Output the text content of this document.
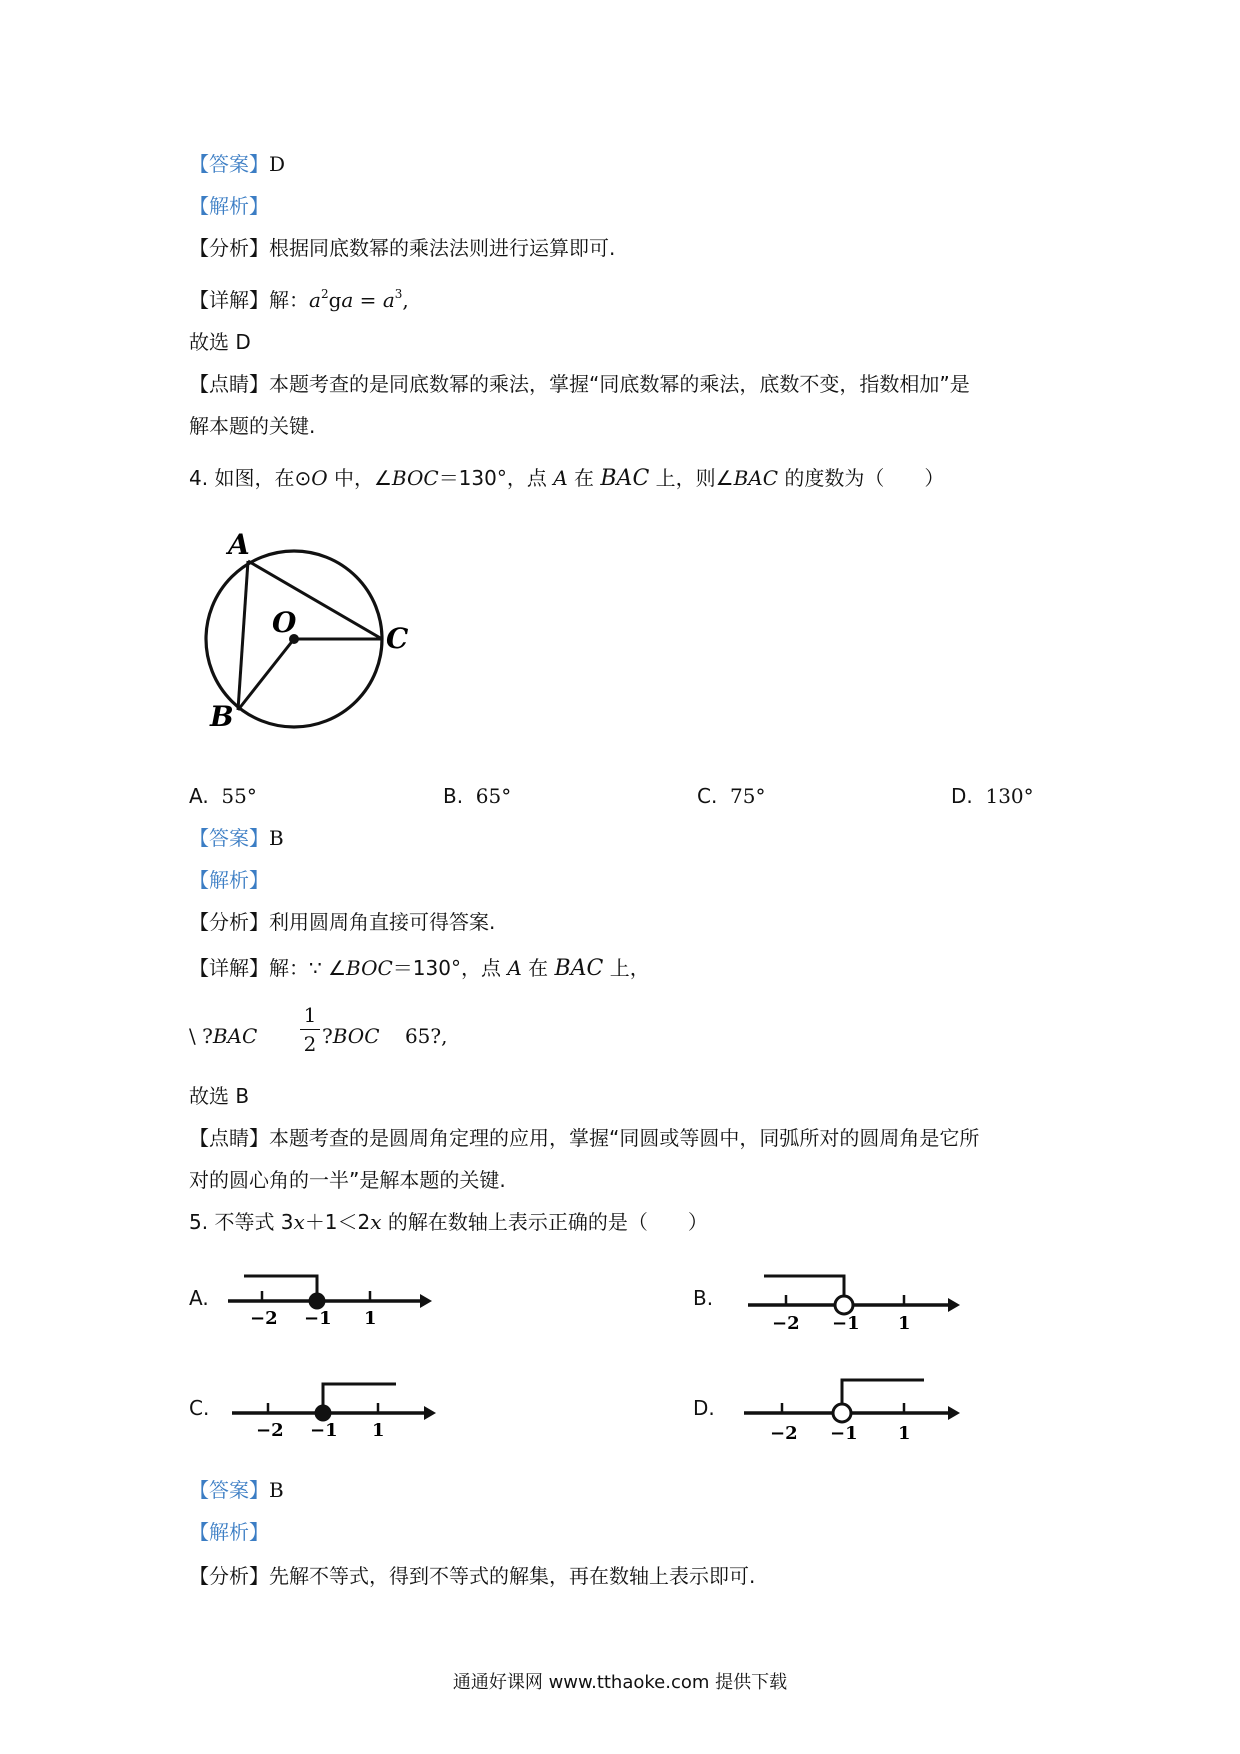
【答案】D
【解析】
【分析】根据同底数幂的乘法法则进行运算即可.
【详解】解：$a^2ga = a^3$,
故选 D
【点睛】本题考查的是同底数幂的乘法，掌握“同底数幂的乘法，底数不变，指数相加”是
解本题的关键.
4. 如图，在⊙O 中，∠BOC＝130°，点 A 在 BAC 上，则∠BAC 的度数为（　　）
A
O	C
B
A. 55°	B. 65°	C. 75°	D. 130°
【答案】B
【解析】
【分析】利用圆周角直接可得答案.
【详解】解：∵ ∠BOC＝130°，点 A 在 BAC 上，
\ ?BAC
1
2 ?BOC 65?,
故选 B
【点睛】本题考查的是圆周角定理的应用，掌握“同圆或等圆中，同弧所对的圆周角是它所
对的圆心角的一半”是解本题的关键.
5. 不等式 3x＋1＜2x 的解在数轴上表示正确的是（　　）
A.
−2 −1 1
B.
−2 −1 1
C.
−2 −1 1
D.
−2 −1 1
【答案】B
【解析】
【分析】先解不等式，得到不等式的解集，再在数轴上表示即可.
通通好课网 www.tthaoke.com 提供下载
